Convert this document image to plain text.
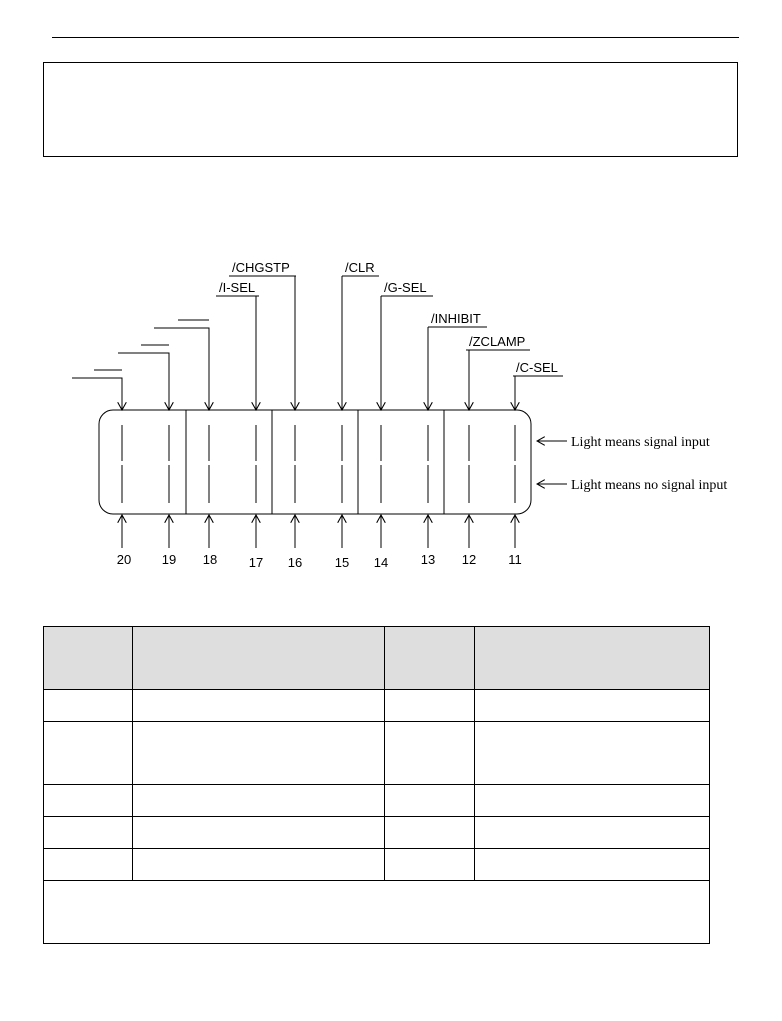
20 19 18 17 16	15 14	13 12 11
/I-SEL
/CHGSTP	/CLR
/G-SEL
/INHIBIT
/ZCLAMP
/C-SEL
Light means signal input
Light means no signal input
